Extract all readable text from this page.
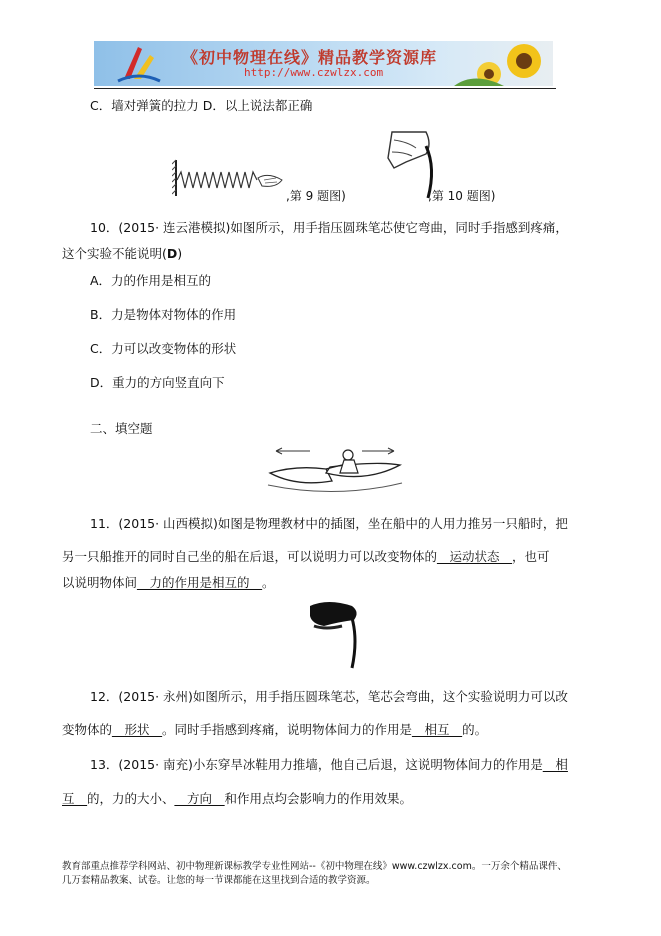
《初中物理在线》精品教学资源库
http://www.czwlzx.com
C．墙对弹簧的拉力 D．以上说法都正确
,第 9 题图)	,第 10 题图)
10．(2015· 连云港模拟)如图所示，用手指压圆珠笔芯使它弯曲，同时手指感到疼痛，
这个实验不能说明(D)
A．力的作用是相互的
B．力是物体对物体的作用
C．力可以改变物体的形状
D．重力的方向竖直向下
二、填空题
11．(2015· 山西模拟)如图是物理教材中的插图，坐在船中的人用力推另一只船时，把
另一只船推开的同时自己坐的船在后退，可以说明力可以改变物体的__运动状态__，也可
以说明物体间__力的作用是相互的__。
12．(2015· 永州)如图所示，用手指压圆珠笔芯，笔芯会弯曲，这个实验说明力可以改
变物体的__形状__。同时手指感到疼痛，说明物体间力的作用是__相互__的。
13．(2015· 南充)小东穿旱冰鞋用力推墙，他自己后退，这说明物体间力的作用是__相
互__的，力的大小、__方向__和作用点均会影响力的作用效果。
教育部重点推荐学科网站、初中物理新课标教学专业性网站--《初中物理在线》www.czwlzx.com。一万余个精品课件、
几万套精品教案、试卷。让您的每一节课都能在这里找到合适的教学资源。
